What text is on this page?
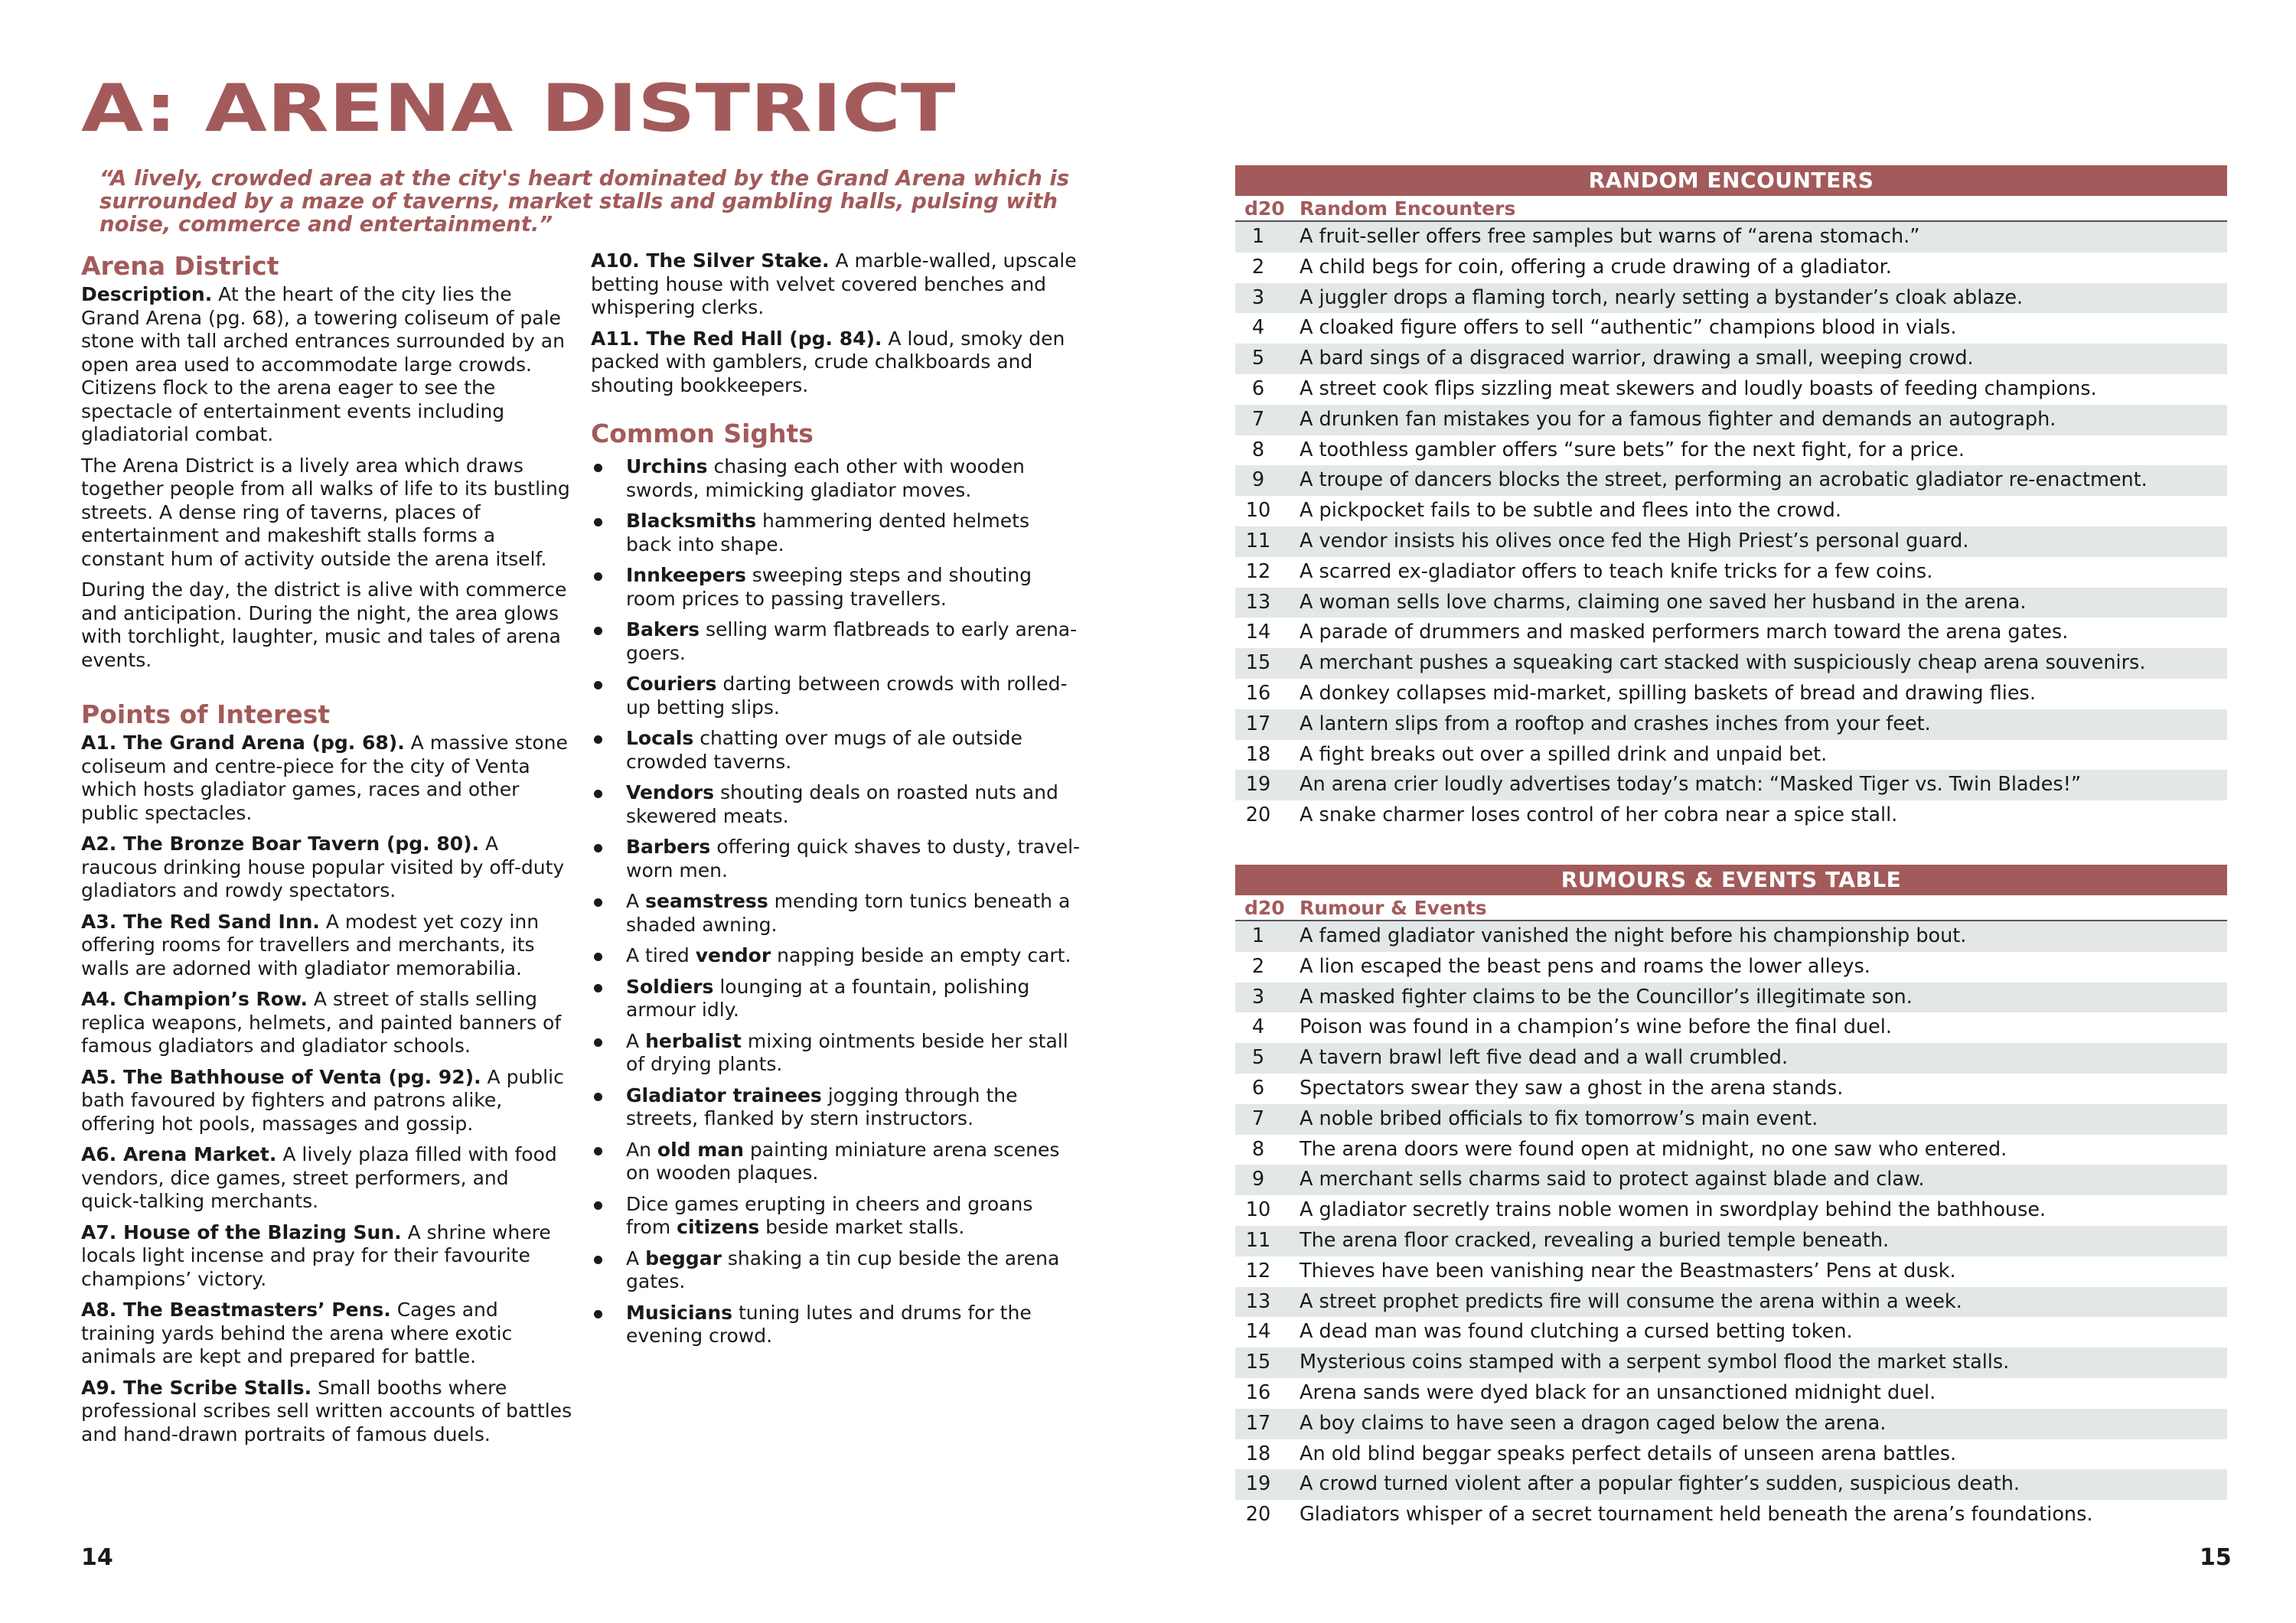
A: ARENA DISTRICT
“A lively, crowded area at the city's heart dominated by the Grand Arena which is surrounded by a maze of taverns, market stalls and gambling halls, pulsing with noise, commerce and entertainment.”
Arena District
Description. At the heart of the city lies the Grand Arena (pg. 68), a towering coliseum of pale stone with tall arched entrances surrounded by an open area used to accommodate large crowds. Citizens flock to the arena eager to see the spectacle of entertainment events including gladiatorial combat.
The Arena District is a lively area which draws together people from all walks of life to its bustling streets. A dense ring of taverns, places of entertainment and makeshift stalls forms a constant hum of activity outside the arena itself.
During the day, the district is alive with commerce and anticipation. During the night, the area glows with torchlight, laughter, music and tales of arena events.
Points of Interest
A1. The Grand Arena (pg. 68). A massive stone coliseum and centre-piece for the city of Venta which hosts gladiator games, races and other public spectacles.
A2. The Bronze Boar Tavern (pg. 80). A raucous drinking house popular visited by off-duty gladiators and rowdy spectators.
A3. The Red Sand Inn. A modest yet cozy inn offering rooms for travellers and merchants, its walls are adorned with gladiator memorabilia.
A4. Champion’s Row. A street of stalls selling replica weapons, helmets, and painted banners of famous gladiators and gladiator schools.
A5. The Bathhouse of Venta (pg. 92). A public bath favoured by fighters and patrons alike, offering hot pools, massages and gossip.
A6. Arena Market. A lively plaza filled with food vendors, dice games, street performers, and quick-talking merchants.
A7. House of the Blazing Sun. A shrine where locals light incense and pray for their favourite champions’ victory.
A8. The Beastmasters’ Pens. Cages and training yards behind the arena where exotic animals are kept and prepared for battle.
A9. The Scribe Stalls. Small booths where professional scribes sell written accounts of battles and hand-drawn portraits of famous duels.
A10. The Silver Stake. A marble-walled, upscale betting house with velvet covered benches and whispering clerks.
A11. The Red Hall (pg. 84). A loud, smoky den packed with gamblers, crude chalkboards and shouting bookkeepers.
Common Sights
Urchins chasing each other with wooden swords, mimicking gladiator moves.
Blacksmiths hammering dented helmets back into shape.
Innkeepers sweeping steps and shouting room prices to passing travellers.
Bakers selling warm flatbreads to early arena-goers.
Couriers darting between crowds with rolled-up betting slips.
Locals chatting over mugs of ale outside crowded taverns.
Vendors shouting deals on roasted nuts and skewered meats.
Barbers offering quick shaves to dusty, travel-worn men.
A seamstress mending torn tunics beneath a shaded awning.
A tired vendor napping beside an empty cart.
Soldiers lounging at a fountain, polishing armour idly.
A herbalist mixing ointments beside her stall of drying plants.
Gladiator trainees jogging through the streets, flanked by stern instructors.
An old man painting miniature arena scenes on wooden plaques.
Dice games erupting in cheers and groans from citizens beside market stalls.
A beggar shaking a tin cup beside the arena gates.
Musicians tuning lutes and drums for the evening crowd.
RANDOM ENCOUNTERS
d20 Random Encounters
1	A fruit-seller offers free samples but warns of “arena stomach.”
2	A child begs for coin, offering a crude drawing of a gladiator.
3	A juggler drops a flaming torch, nearly setting a bystander’s cloak ablaze.
4	A cloaked figure offers to sell “authentic” champions blood in vials.
5	A bard sings of a disgraced warrior, drawing a small, weeping crowd.
6	A street cook flips sizzling meat skewers and loudly boasts of feeding champions.
7	A drunken fan mistakes you for a famous fighter and demands an autograph.
8	A toothless gambler offers “sure bets” for the next fight, for a price.
9	A troupe of dancers blocks the street, performing an acrobatic gladiator re-enactment.
10	A pickpocket fails to be subtle and flees into the crowd.
11	A vendor insists his olives once fed the High Priest’s personal guard.
12	A scarred ex-gladiator offers to teach knife tricks for a few coins.
13	A woman sells love charms, claiming one saved her husband in the arena.
14	A parade of drummers and masked performers march toward the arena gates.
15	A merchant pushes a squeaking cart stacked with suspiciously cheap arena souvenirs.
16	A donkey collapses mid-market, spilling baskets of bread and drawing flies.
17	A lantern slips from a rooftop and crashes inches from your feet.
18	A fight breaks out over a spilled drink and unpaid bet.
19	An arena crier loudly advertises today’s match: “Masked Tiger vs. Twin Blades!”
20	A snake charmer loses control of her cobra near a spice stall.
RUMOURS & EVENTS TABLE
d20 Rumour & Events
1	A famed gladiator vanished the night before his championship bout.
2	A lion escaped the beast pens and roams the lower alleys.
3	A masked fighter claims to be the Councillor’s illegitimate son.
4	Poison was found in a champion’s wine before the final duel.
5	A tavern brawl left five dead and a wall crumbled.
6	Spectators swear they saw a ghost in the arena stands.
7	A noble bribed officials to fix tomorrow’s main event.
8	The arena doors were found open at midnight, no one saw who entered.
9	A merchant sells charms said to protect against blade and claw.
10	A gladiator secretly trains noble women in swordplay behind the bathhouse.
11	The arena floor cracked, revealing a buried temple beneath.
12	Thieves have been vanishing near the Beastmasters’ Pens at dusk.
13	A street prophet predicts fire will consume the arena within a week.
14	A dead man was found clutching a cursed betting token.
15	Mysterious coins stamped with a serpent symbol flood the market stalls.
16	Arena sands were dyed black for an unsanctioned midnight duel.
17	A boy claims to have seen a dragon caged below the arena.
18	An old blind beggar speaks perfect details of unseen arena battles.
19	A crowd turned violent after a popular fighter’s sudden, suspicious death.
20	Gladiators whisper of a secret tournament held beneath the arena’s foundations.
14	15
